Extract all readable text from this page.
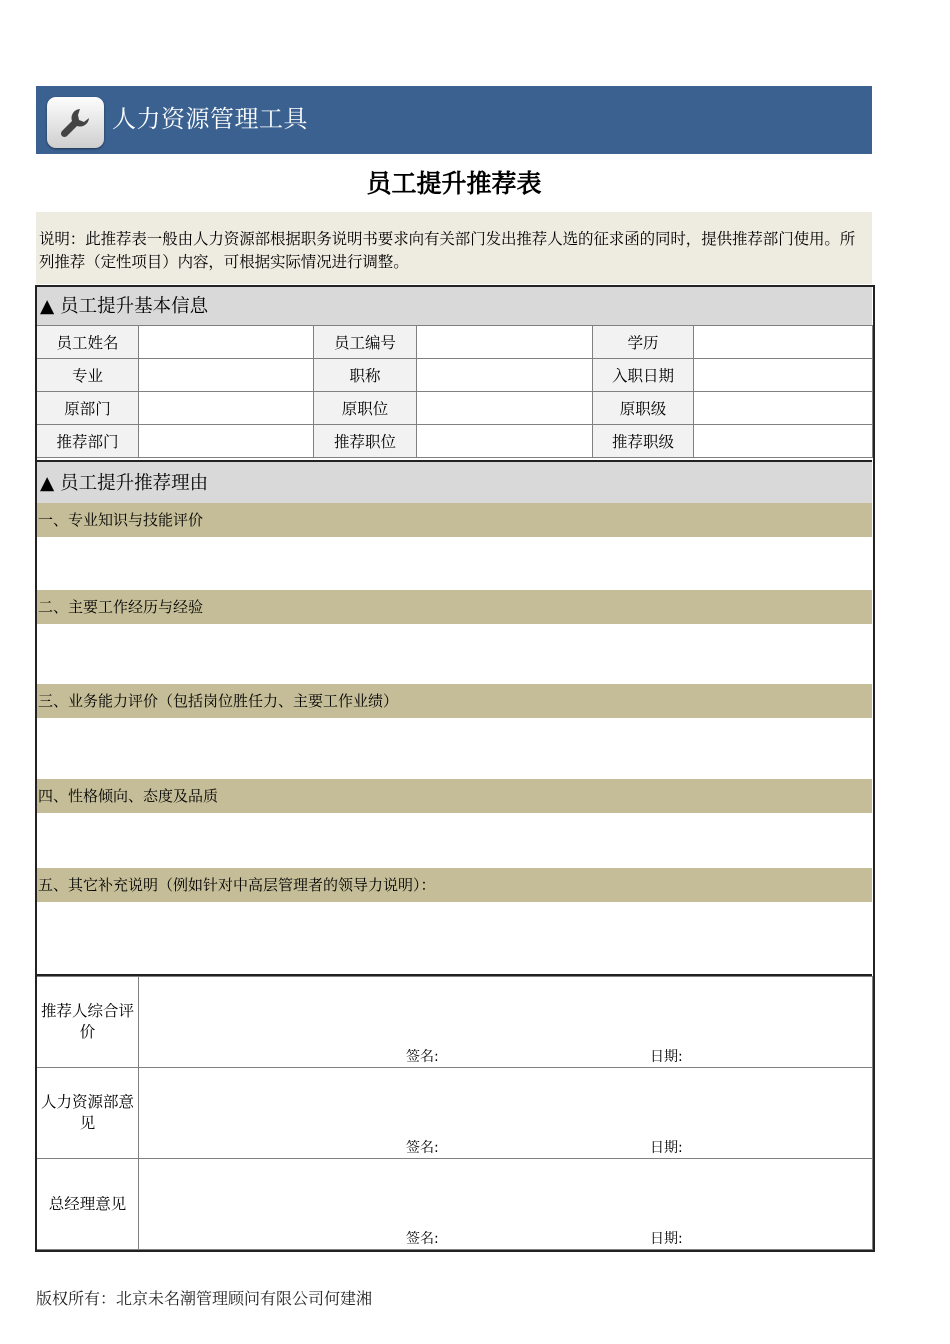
人力资源管理工具
员工提升推荐表
说明：此推荐表一般由人力资源部根据职务说明书要求向有关部门发出推荐人选的征求函的同时，提供推荐部门使用。所列推荐（定性项目）内容，可根据实际情况进行调整。
▲ 员工提升基本信息
员工姓名		员工编号		学历	
专业		职称		入职日期	
原部门		原职位		原职级	
推荐部门		推荐职位		推荐职级	
▲ 员工提升推荐理由
一、专业知识与技能评价
二、主要工作经历与经验
三、业务能力评价（包括岗位胜任力、主要工作业绩）
四、性格倾向、态度及品质
五、其它补充说明（例如针对中高层管理者的领导力说明）：
推荐人综合评价	签名: 日期:

人力资源部意见	签名: 日期:

总经理意见	签名: 日期:
版权所有：北京未名潮管理顾问有限公司何建湘
